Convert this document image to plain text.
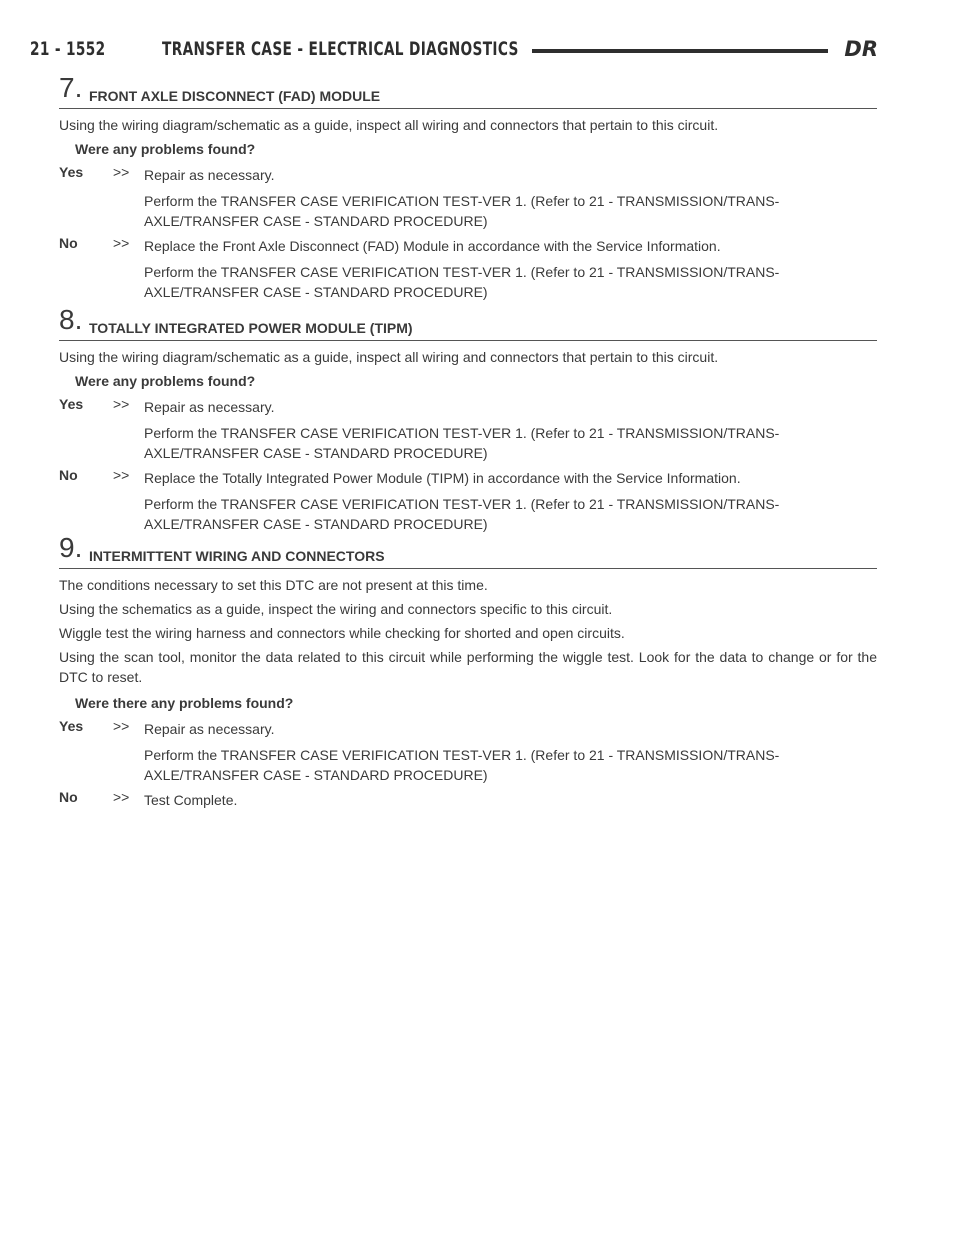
21 - 1552	TRANSFER CASE - ELECTRICAL DIAGNOSTICS	DR
7. FRONT AXLE DISCONNECT (FAD) MODULE

Using the wiring diagram/schematic as a guide, inspect all wiring and connectors that pertain to this circuit.

Were any problems found?
Yes >> Repair as necessary.
Perform the TRANSFER CASE VERIFICATION TEST-VER 1. (Refer to 21 - TRANSMISSION/TRANS-
AXLE/TRANSFER CASE - STANDARD PROCEDURE)
No	>> Replace the Front Axle Disconnect (FAD) Module in accordance with the Service Information.
Perform the TRANSFER CASE VERIFICATION TEST-VER 1. (Refer to 21 - TRANSMISSION/TRANS-
AXLE/TRANSFER CASE - STANDARD PROCEDURE)
8. TOTALLY INTEGRATED POWER MODULE (TIPM)

Using the wiring diagram/schematic as a guide, inspect all wiring and connectors that pertain to this circuit.

Were any problems found?
Yes >> Repair as necessary.
Perform the TRANSFER CASE VERIFICATION TEST-VER 1. (Refer to 21 - TRANSMISSION/TRANS-
AXLE/TRANSFER CASE - STANDARD PROCEDURE)
No	>> Replace the Totally Integrated Power Module (TIPM) in accordance with the Service Information.
Perform the TRANSFER CASE VERIFICATION TEST-VER 1. (Refer to 21 - TRANSMISSION/TRANS-
AXLE/TRANSFER CASE - STANDARD PROCEDURE)
9. INTERMITTENT WIRING AND CONNECTORS

The conditions necessary to set this DTC are not present at this time.

Using the schematics as a guide, inspect the wiring and connectors specific to this circuit.

Wiggle test the wiring harness and connectors while checking for shorted and open circuits.

Using the scan tool, monitor the data related to this circuit while performing the wiggle test. Look for the data to change or for the DTC to reset.

Were there any problems found?
Yes >> Repair as necessary.
Perform the TRANSFER CASE VERIFICATION TEST-VER 1. (Refer to 21 - TRANSMISSION/TRANS-
AXLE/TRANSFER CASE - STANDARD PROCEDURE)
No	>> Test Complete.
